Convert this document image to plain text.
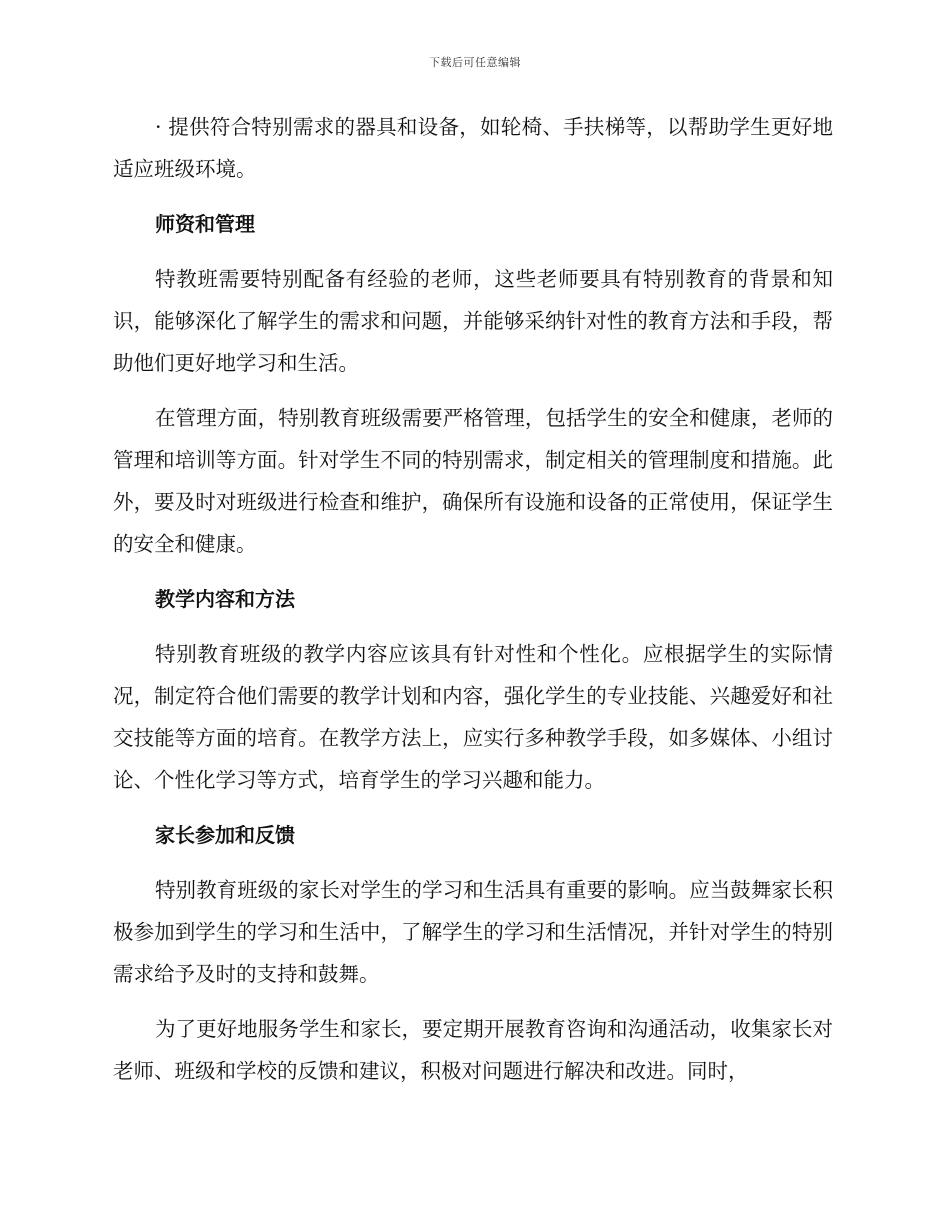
下载后可任意编辑

· 提供符合特别需求的器具和设备，如轮椅、手扶梯等，以帮助学生更好地适应班级环境。

师资和管理

特教班需要特别配备有经验的老师，这些老师要具有特别教育的背景和知识，能够深化了解学生的需求和问题，并能够采纳针对性的教育方法和手段，帮助他们更好地学习和生活。

在管理方面，特别教育班级需要严格管理，包括学生的安全和健康，老师的管理和培训等方面。针对学生不同的特别需求，制定相关的管理制度和措施。此外，要及时对班级进行检查和维护，确保所有设施和设备的正常使用，保证学生的安全和健康。

教学内容和方法

特别教育班级的教学内容应该具有针对性和个性化。应根据学生的实际情况，制定符合他们需要的教学计划和内容，强化学生的专业技能、兴趣爱好和社交技能等方面的培育。在教学方法上，应实行多种教学手段，如多媒体、小组讨论、个性化学习等方式，培育学生的学习兴趣和能力。

家长参加和反馈

特别教育班级的家长对学生的学习和生活具有重要的影响。应当鼓舞家长积极参加到学生的学习和生活中，了解学生的学习和生活情况，并针对学生的特别需求给予及时的支持和鼓舞。

为了更好地服务学生和家长，要定期开展教育咨询和沟通活动，收集家长对老师、班级和学校的反馈和建议，积极对问题进行解决和改进。同时，
